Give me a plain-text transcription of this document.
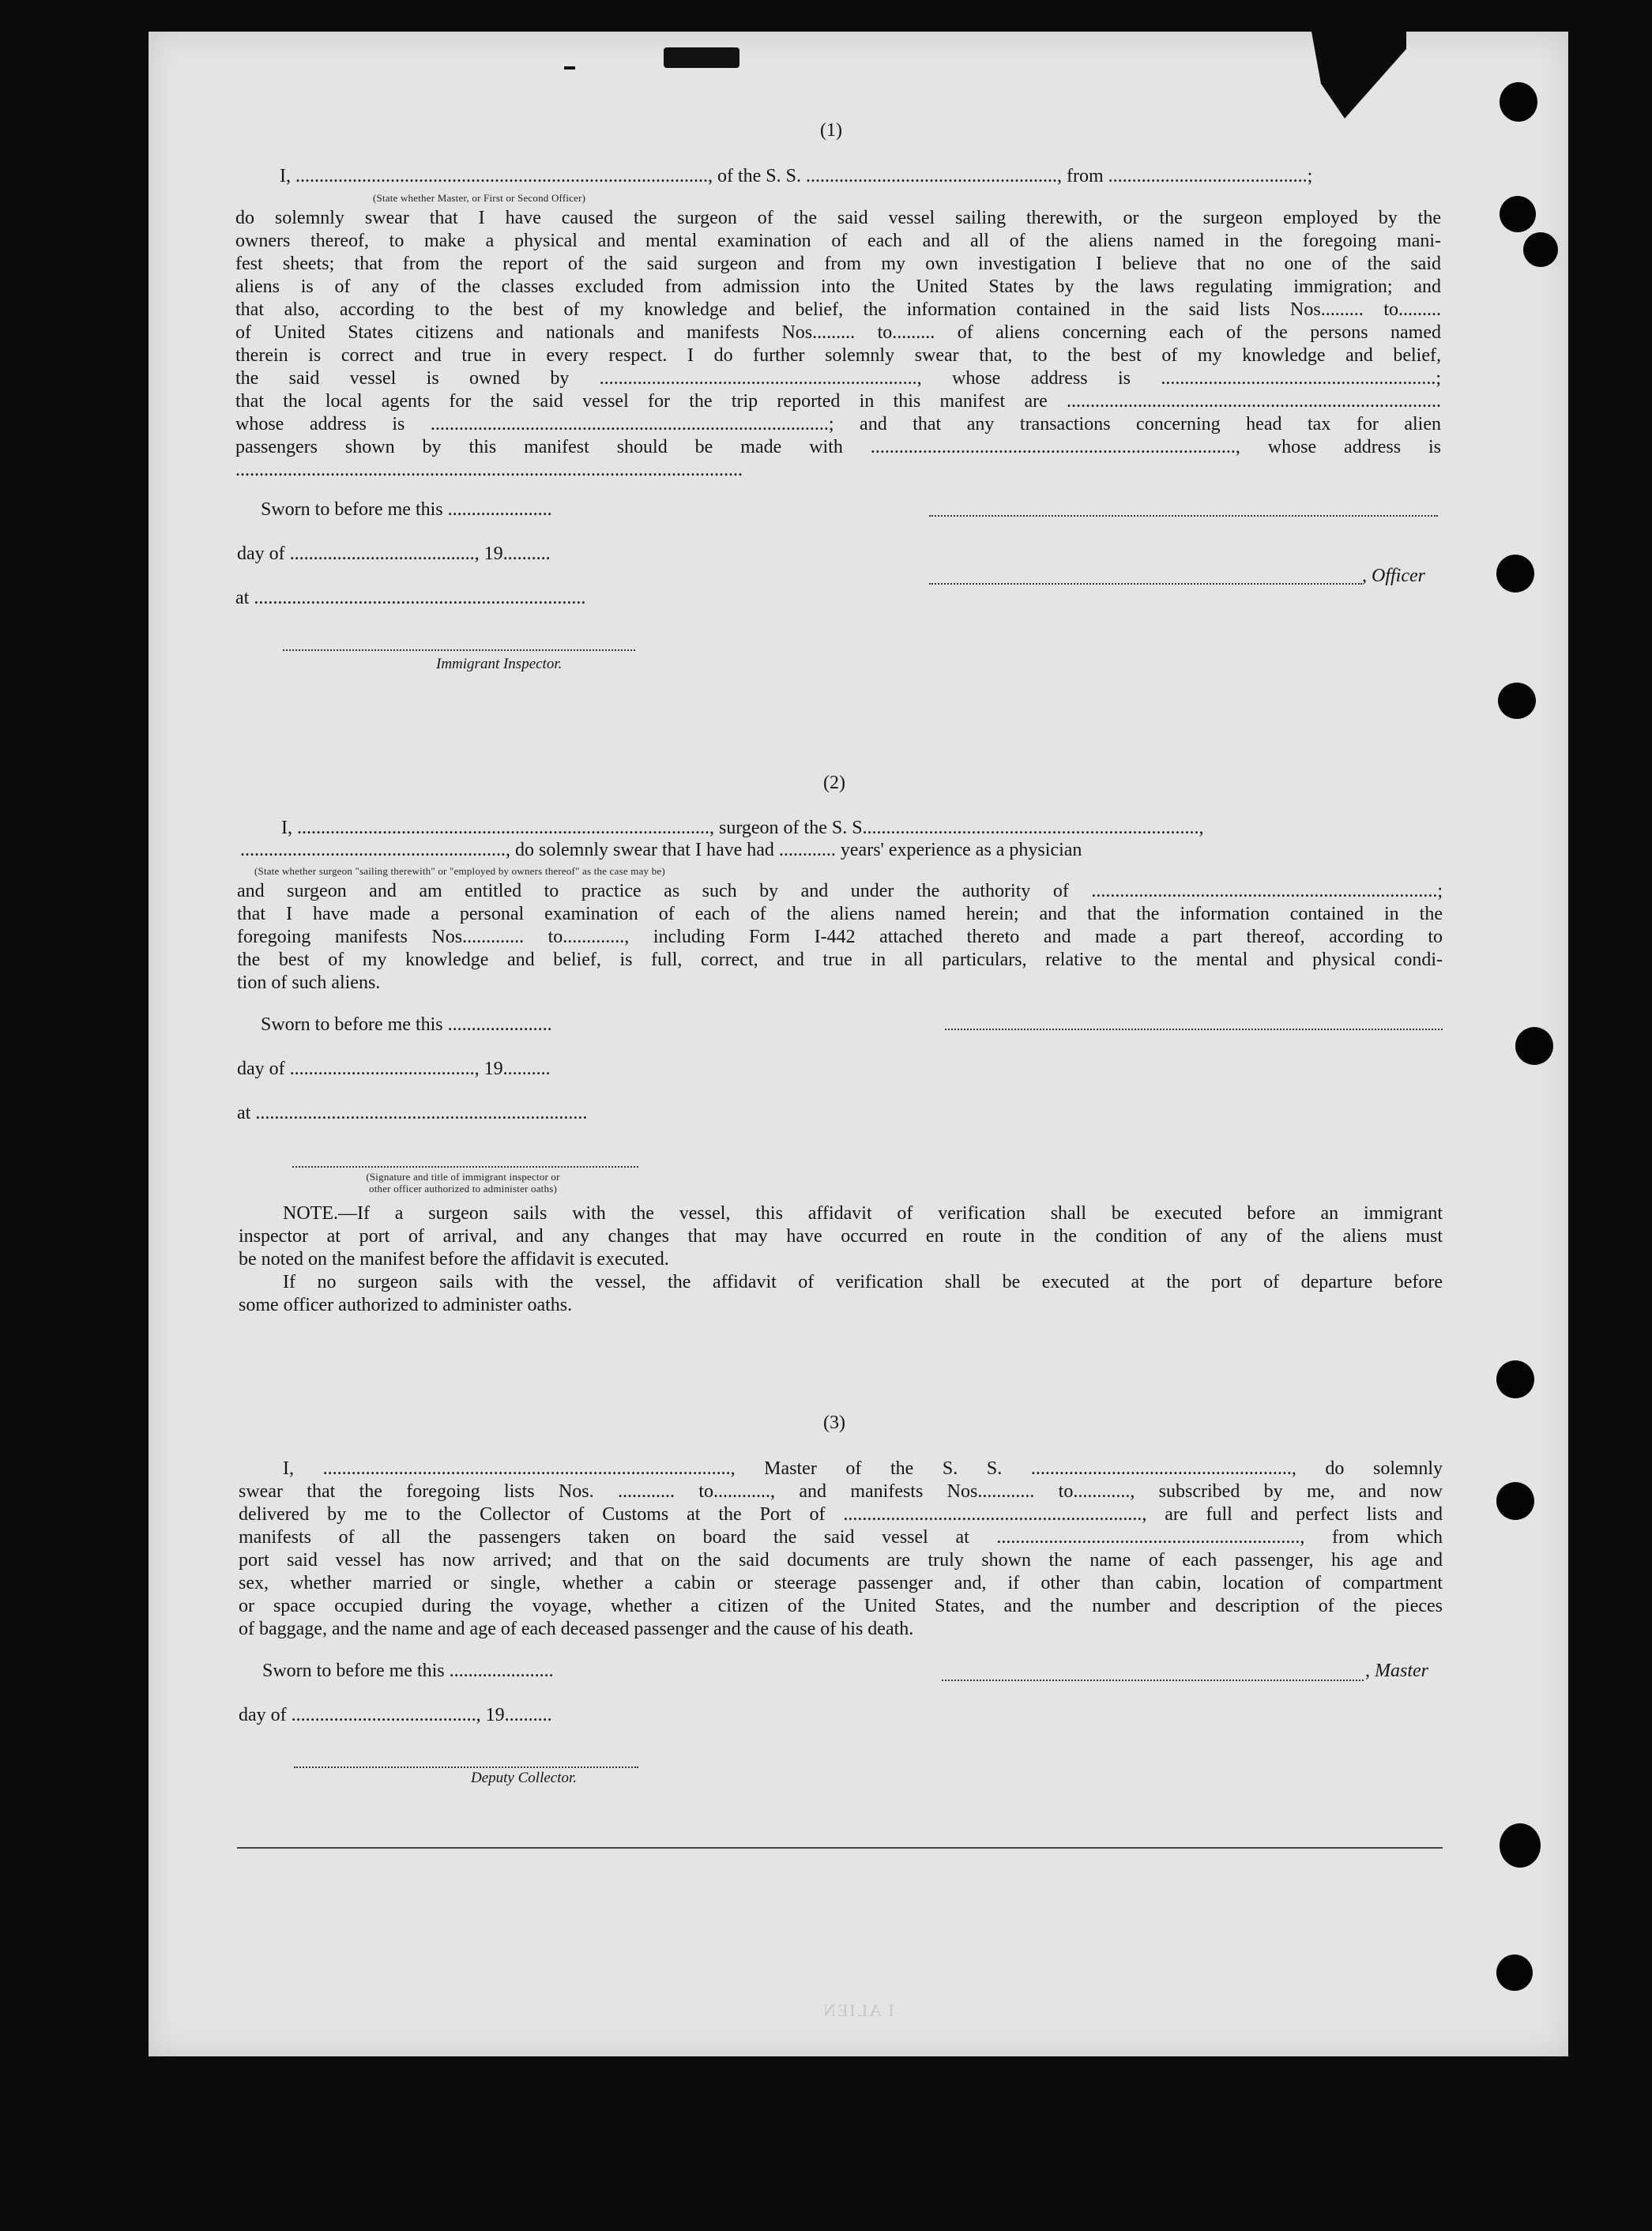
(1)
I, ......................................................................................., of the S. S. ....................................................., from ..........................................;
(State whether Master, or First or Second Officer)

do solemnly swear that I have caused the surgeon of the said vessel sailing therewith, or the surgeon employed by the

owners thereof, to make a physical and mental examination of each and all of the aliens named in the foregoing mani-

fest sheets; that from the report of the said surgeon and from my own investigation I believe that no one of the said

aliens is of any of the classes excluded from admission into the United States by the laws regulating immigration; and

that also, according to the best of my knowledge and belief, the information contained in the said lists Nos......... to.........

of United States citizens and nationals and manifests Nos......... to......... of aliens concerning each of the persons named

therein is correct and true in every respect. I do further solemnly swear that, to the best of my knowledge and belief,

the said vessel is owned by ..................................................................., whose address is ..........................................................;

that the local agents for the said vessel for the trip reported in this manifest are ...............................................................................

whose address is ....................................................................................; and that any transactions concerning head tax for alien

passengers shown by this manifest should be made with ............................................................................., whose address is

...........................................................................................................

Sworn to before me this ......................
day of ......................................., 19..........
at ......................................................................
, Officer
Immigrant Inspector.
(2)
I, ......................................................................................., surgeon of the S. S.......................................................................,
........................................................, do solemnly swear that I have had ............ years' experience as a physician
(State whether surgeon "sailing therewith" or "employed by owners thereof" as the case may be)

and surgeon and am entitled to practice as such by and under the authority of .........................................................................;

that I have made a personal examination of each of the aliens named herein; and that the information contained in the

foregoing manifests Nos............. to............., including Form I-442 attached thereto and made a part thereof, according to

the best of my knowledge and belief, is full, correct, and true in all particulars, relative to the mental and physical condi-

tion of such aliens.

Sworn to before me this ......................
day of ......................................., 19..........
at ......................................................................
(Signature and title of immigrant inspector or
other officer authorized to administer oaths)

NOTE.—If a surgeon sails with the vessel, this affidavit of verification shall be executed before an immigrant

inspector at port of arrival, and any changes that may have occurred en route in the condition of any of the aliens must

be noted on the manifest before the affidavit is executed.

If no surgeon sails with the vessel, the affidavit of verification shall be executed at the port of departure before

some officer authorized to administer oaths.

(3)

I, ......................................................................................, Master of the S. S. ......................................................., do solemnly

swear that the foregoing lists Nos. ............ to............, and manifests Nos............ to............, subscribed by me, and now

delivered by me to the Collector of Customs at the Port of ..............................................................., are full and perfect lists and

manifests of all the passengers taken on board the said vessel at ................................................................, from which

port said vessel has now arrived; and that on the said documents are truly shown the name of each passenger, his age and

sex, whether married or single, whether a cabin or steerage passenger and, if other than cabin, location of compartment

or space occupied during the voyage, whether a citizen of the United States, and the number and description of the pieces

of baggage, and the name and age of each deceased passenger and the cause of his death.

Sworn to before me this ......................
day of ......................................., 19..........
, Master
Deputy Collector.
I ALIEN
